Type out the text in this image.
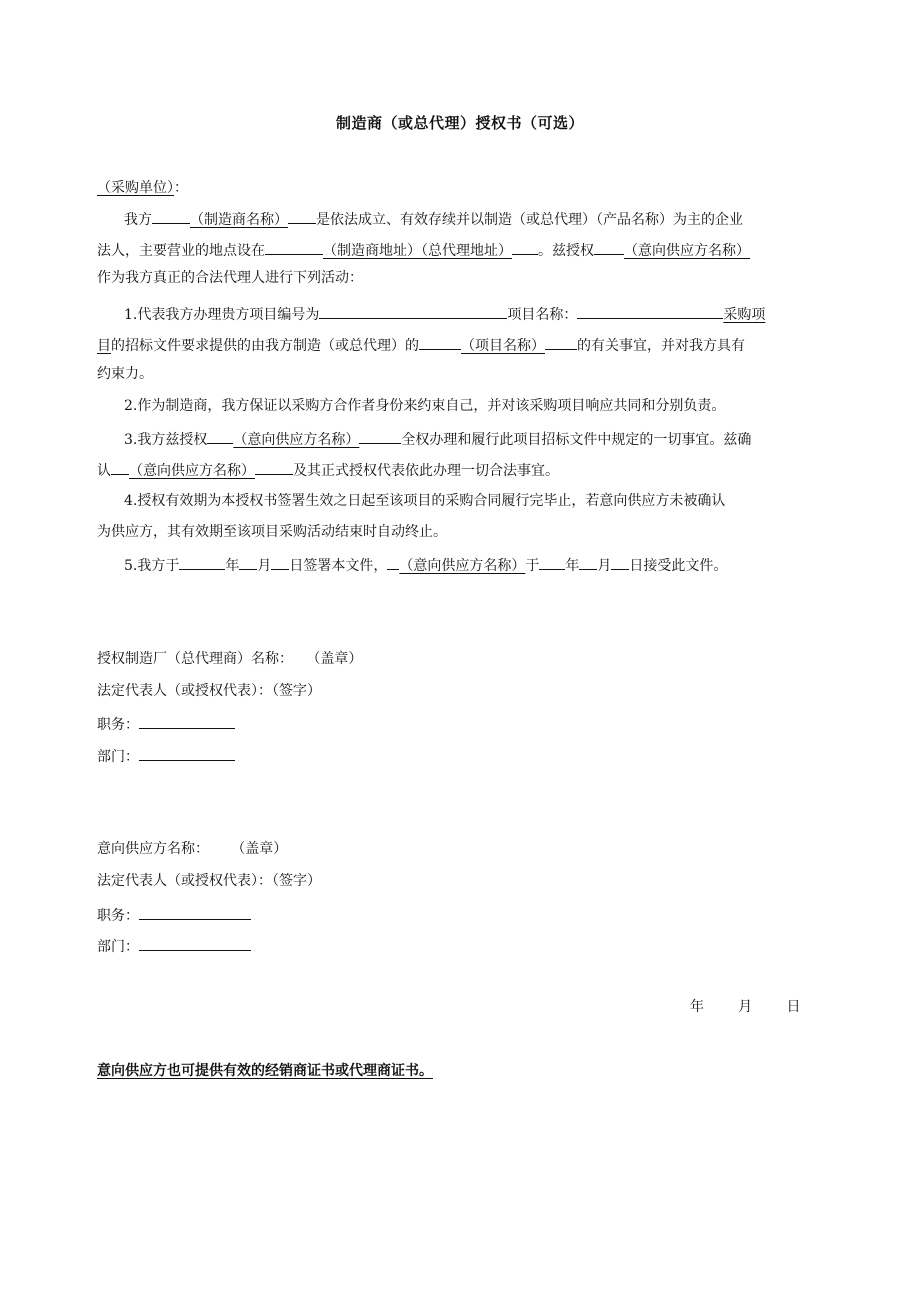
制造商（或总代理）授权书（可选）
（采购单位）：
我方	（制造商名称） 是依法成立、有效存续并以制造（或总代理）（产品名称）为主的企业
法人，主要营业的地点设在	（制造商地址）（总代理地址） 。兹授权 （意向供应方名称）
作为我方真正的合法代理人进行下列活动：
1.代表我方办理贵方项目编号为	项目名称：	采购项
目的招标文件要求提供的由我方制造（或总代理）的	（项目名称） 的有关事宜，并对我方具有
约束力。
2.作为制造商，我方保证以采购方合作者身份来约束自己，并对该采购项目响应共同和分别负责。
3.我方兹授权 （意向供应方名称）	全权办理和履行此项目招标文件中规定的一切事宜。兹确
认 （意向供应方名称）	及其正式授权代表依此办理一切合法事宜。
4.授权有效期为本授权书签署生效之日起至该项目的采购合同履行完毕止，若意向供应方未被确认
为供应方，其有效期至该项目采购活动结束时自动终止。
5.我方于	年 月 日签署本文件， （意向供应方名称）于 年 月 日接受此文件。
授权制造厂（总代理商）名称： （盖章）
法定代表人（或授权代表）：（签字）
职务：
部门：
意向供应方名称： （盖章）
法定代表人（或授权代表）：（签字）
职务：
部门：
年 月 日
意向供应方也可提供有效的经销商证书或代理商证书。
